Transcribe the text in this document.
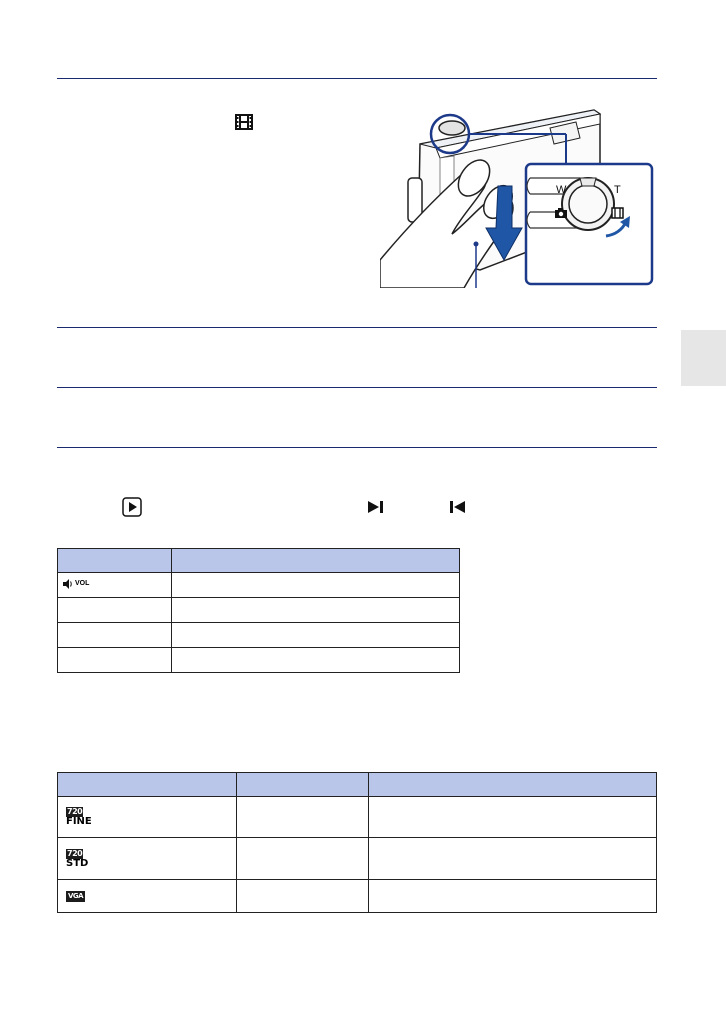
W	T

VOL	

720
FINE		
720
STD		
VGA		
